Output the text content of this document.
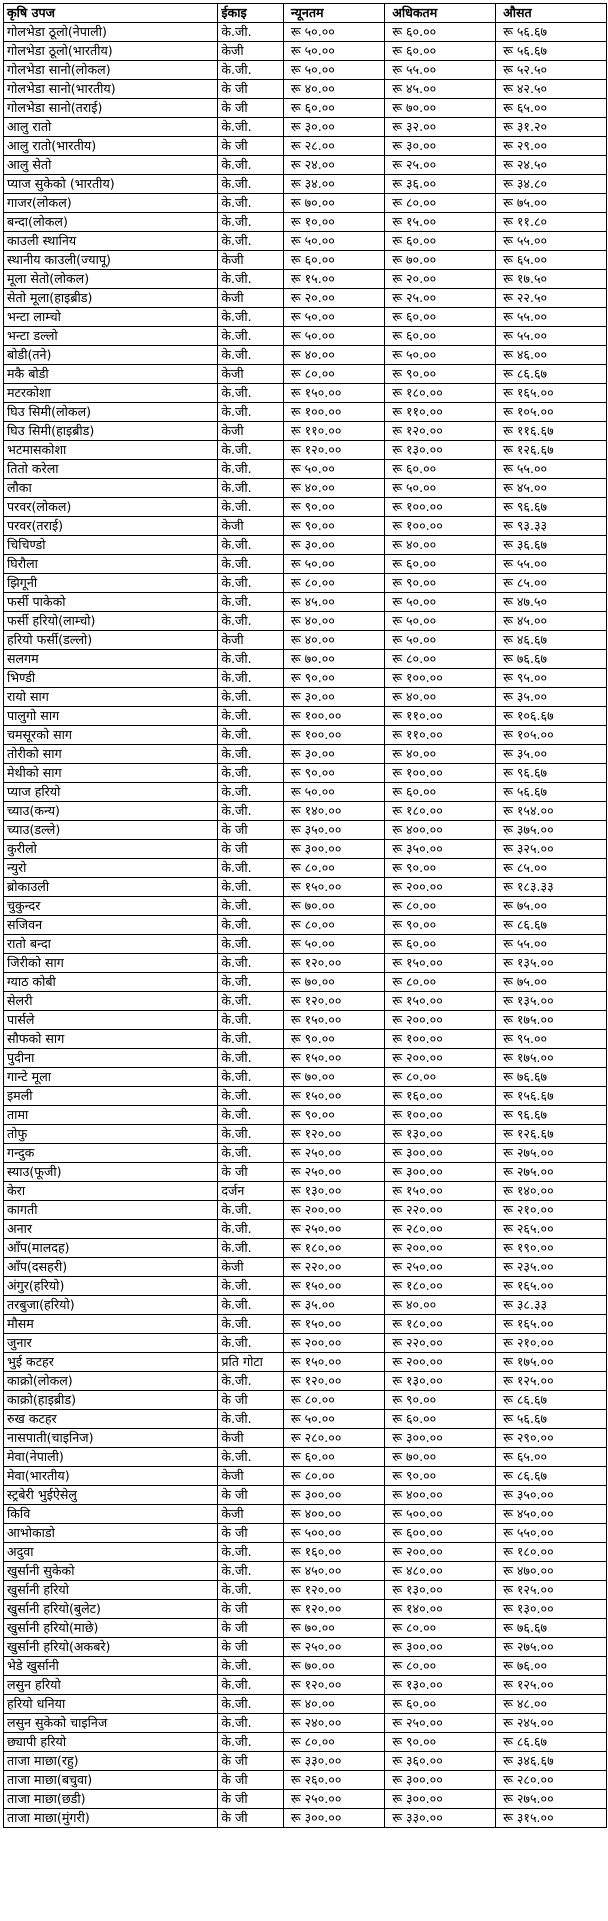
कृषि उपज	ईकाइ	न्यूनतम	अधिकतम	औसत
गोलभेडा ठूलो(नेपाली)	के.जी.	रू ५०.००	रू ६०.००	रू ५६.६७
गोलभेडा ठूलो(भारतीय)	केजी	रू ५०.००	रू ६०.००	रू ५६.६७
गोलभेडा सानो(लोकल)	के.जी.	रू ५०.००	रू ५५.००	रू ५२.५०
गोलभेडा सानो(भारतीय)	के जी	रू ४०.००	रू ४५.००	रू ४२.५०
गोलभेडा सानो(तराई)	के जी	रू ६०.००	रू ७०.००	रू ६५.००
आलु रातो	के.जी.	रू ३०.००	रू ३२.००	रू ३१.२०
आलु रातो(भारतीय)	के जी	रू २८.००	रू ३०.००	रू २९.००
आलु सेतो	के.जी.	रू २४.००	रू २५.००	रू २४.५०
प्याज सुकेको (भारतीय)	के.जी.	रू ३४.००	रू ३६.००	रू ३४.८०
गाजर(लोकल)	के.जी.	रू ७०.००	रू ८०.००	रू ७५.००
बन्दा(लोकल)	के.जी.	रू १०.००	रू १५.००	रू ११.८०
काउली स्थानिय	के.जी.	रू ५०.००	रू ६०.००	रू ५५.००
स्थानीय काउली(ज्यापू)	केजी	रू ६०.००	रू ७०.००	रू ६५.००
मूला सेतो(लोकल)	के.जी.	रू १५.००	रू २०.००	रू १७.५०
सेतो मूला(हाइब्रीड)	केजी	रू २०.००	रू २५.००	रू २२.५०
भन्टा लाम्चो	के.जी.	रू ५०.००	रू ६०.००	रू ५५.००
भन्टा डल्लो	के.जी.	रू ५०.००	रू ६०.००	रू ५५.००
बोडी(तने)	के.जी.	रू ४०.००	रू ५०.००	रू ४६.००
मकै बोडी	केजी	रू ८०.००	रू ९०.००	रू ८६.६७
मटरकोशा	के.जी.	रू १५०.००	रू १८०.००	रू १६५.००
घिउ सिमी(लोकल)	के.जी.	रू १००.००	रू ११०.००	रू १०५.००
घिउ सिमी(हाइब्रीड)	केजी	रू ११०.००	रू १२०.००	रू ११६.६७
भटमासकोशा	के.जी.	रू १२०.००	रू १३०.००	रू १२६.६७
तितो करेला	के.जी.	रू ५०.००	रू ६०.००	रू ५५.००
लौका	के.जी.	रू ४०.००	रू ५०.००	रू ४५.००
परवर(लोकल)	के.जी.	रू ९०.००	रू १००.००	रू ९६.६७
परवर(तराई)	केजी	रू ९०.००	रू १००.००	रू ९३.३३
चिचिण्डो	के.जी.	रू ३०.००	रू ४०.००	रू ३६.६७
घिरौला	के.जी.	रू ५०.००	रू ६०.००	रू ५५.००
झिगूनी	के.जी.	रू ८०.००	रू ९०.००	रू ८५.००
फर्सी पाकेको	के.जी.	रू ४५.००	रू ५०.००	रू ४७.५०
फर्सी हरियो(लाम्चो)	के.जी.	रू ४०.००	रू ५०.००	रू ४५.००
हरियो फर्सी(डल्लो)	केजी	रू ४०.००	रू ५०.००	रू ४६.६७
सलगम	के.जी.	रू ७०.००	रू ८०.००	रू ७६.६७
भिण्डी	के.जी.	रू ९०.००	रू १००.००	रू ९५.००
रायो साग	के.जी.	रू ३०.००	रू ४०.००	रू ३५.००
पालुगो साग	के.जी.	रू १००.००	रू ११०.००	रू १०६.६७
चमसूरको साग	के.जी.	रू १००.००	रू ११०.००	रू १०५.००
तोरीको साग	के.जी.	रू ३०.००	रू ४०.००	रू ३५.००
मेथीको साग	के.जी.	रू ९०.००	रू १००.००	रू ९६.६७
प्याज हरियो	के.जी.	रू ५०.००	रू ६०.००	रू ५६.६७
च्याउ(कन्य)	के.जी.	रू १४०.००	रू १८०.००	रू १५४.००
च्याउ(डल्ले)	के जी	रू ३५०.००	रू ४००.००	रू ३७५.००
कुरीलो	के जी	रू ३००.००	रू ३५०.००	रू ३२५.००
न्युरो	के.जी.	रू ८०.००	रू ९०.००	रू ८५.००
ब्रोकाउली	के.जी.	रू १५०.००	रू २००.००	रू १८३.३३
चुकुन्दर	के.जी.	रू ७०.००	रू ८०.००	रू ७५.००
सजिवन	के.जी.	रू ८०.००	रू ९०.००	रू ८६.६७
रातो बन्दा	के.जी.	रू ५०.००	रू ६०.००	रू ५५.००
जिरीको साग	के.जी.	रू १२०.००	रू १५०.००	रू १३५.००
ग्याठ कोबी	के.जी.	रू ७०.००	रू ८०.००	रू ७५.००
सेलरी	के.जी.	रू १२०.००	रू १५०.००	रू १३५.००
पार्सले	के.जी.	रू १५०.००	रू २००.००	रू १७५.००
सौफको साग	के.जी.	रू ९०.००	रू १००.००	रू ९५.००
पुदीना	के.जी.	रू १५०.००	रू २००.००	रू १७५.००
गान्टे मूला	के.जी.	रू ७०.००	रू ८०.००	रू ७६.६७
इमली	के.जी.	रू १५०.००	रू १६०.००	रू १५६.६७
तामा	के.जी.	रू ९०.००	रू १००.००	रू ९६.६७
तोफु	के.जी.	रू १२०.००	रू १३०.००	रू १२६.६७
गन्दुक	के.जी.	रू २५०.००	रू ३००.००	रू २७५.००
स्याउ(फूजी)	के जी	रू २५०.००	रू ३००.००	रू २७५.००
केरा	दर्जन	रू १३०.००	रू १५०.००	रू १४०.००
कागती	के.जी.	रू २००.००	रू २२०.००	रू २१०.००
अनार	के.जी.	रू २५०.००	रू २८०.००	रू २६५.००
आँप(मालदह)	के.जी.	रू १८०.००	रू २००.००	रू १९०.००
आँप(दसहरी)	केजी	रू २२०.००	रू २५०.००	रू २३५.००
अंगुर(हरियो)	के.जी.	रू १५०.००	रू १८०.००	रू १६५.००
तरबुजा(हरियो)	के.जी.	रू ३५.००	रू ४०.००	रू ३८.३३
मौसम	के.जी.	रू १५०.००	रू १८०.००	रू १६५.००
जुनार	के.जी.	रू २००.००	रू २२०.००	रू २१०.००
भुई कटहर	प्रति गोटा	रू १५०.००	रू २००.००	रू १७५.००
काक्रो(लोकल)	के.जी.	रू १२०.००	रू १३०.००	रू १२५.००
काक्रो(हाइब्रीड)	के जी	रू ८०.००	रू ९०.००	रू ८६.६७
रुख कटहर	के.जी.	रू ५०.००	रू ६०.००	रू ५६.६७
नासपाती(चाइनिज)	केजी	रू २८०.००	रू ३००.००	रू २९०.००
मेवा(नेपाली)	के.जी.	रू ६०.००	रू ७०.००	रू ६५.००
मेवा(भारतीय)	केजी	रू ८०.००	रू ९०.००	रू ८६.६७
स्ट्रबेरी भुईऐसेलु	के जी	रू ३००.००	रू ४००.००	रू ३५०.००
किवि	केजी	रू ४००.००	रू ५००.००	रू ४५०.००
आभोकाडो	के जी	रू ५००.००	रू ६००.००	रू ५५०.००
अदुवा	के.जी.	रू १६०.००	रू २००.००	रू १८०.००
खुर्सानी सुकेको	के.जी.	रू ४५०.००	रू ४८०.००	रू ४७०.००
खुर्सानी हरियो	के.जी.	रू १२०.००	रू १३०.००	रू १२५.००
खुर्सानी हरियो(बुलेट)	के जी	रू १२०.००	रू १४०.००	रू १३०.००
खुर्सानी हरियो(माछे)	के जी	रू ७०.००	रू ८०.००	रू ७६.६७
खुर्सानी हरियो(अकबरे)	के जी	रू २५०.००	रू ३००.००	रू २७५.००
भेडे खुर्सानी	के.जी.	रू ७०.००	रू ८०.००	रू ७६.००
लसुन हरियो	के.जी.	रू १२०.००	रू १३०.००	रू १२५.००
हरियो धनिया	के.जी.	रू ४०.००	रू ६०.००	रू ४८.००
लसुन सुकेको चाइनिज	के.जी.	रू २४०.००	रू २५०.००	रू २४५.००
छ्यापी हरियो	के.जी.	रू ८०.००	रू ९०.००	रू ८६.६७
ताजा माछा(रहु)	के जी	रू ३३०.००	रू ३६०.००	रू ३४६.६७
ताजा माछा(बचुवा)	के जी	रू २६०.००	रू ३००.००	रू २८०.००
ताजा माछा(छडी)	के जी	रू २५०.००	रू ३००.००	रू २७५.००
ताजा माछा(मुंगरी)	के जी	रू ३००.००	रू ३३०.००	रू ३१५.००
